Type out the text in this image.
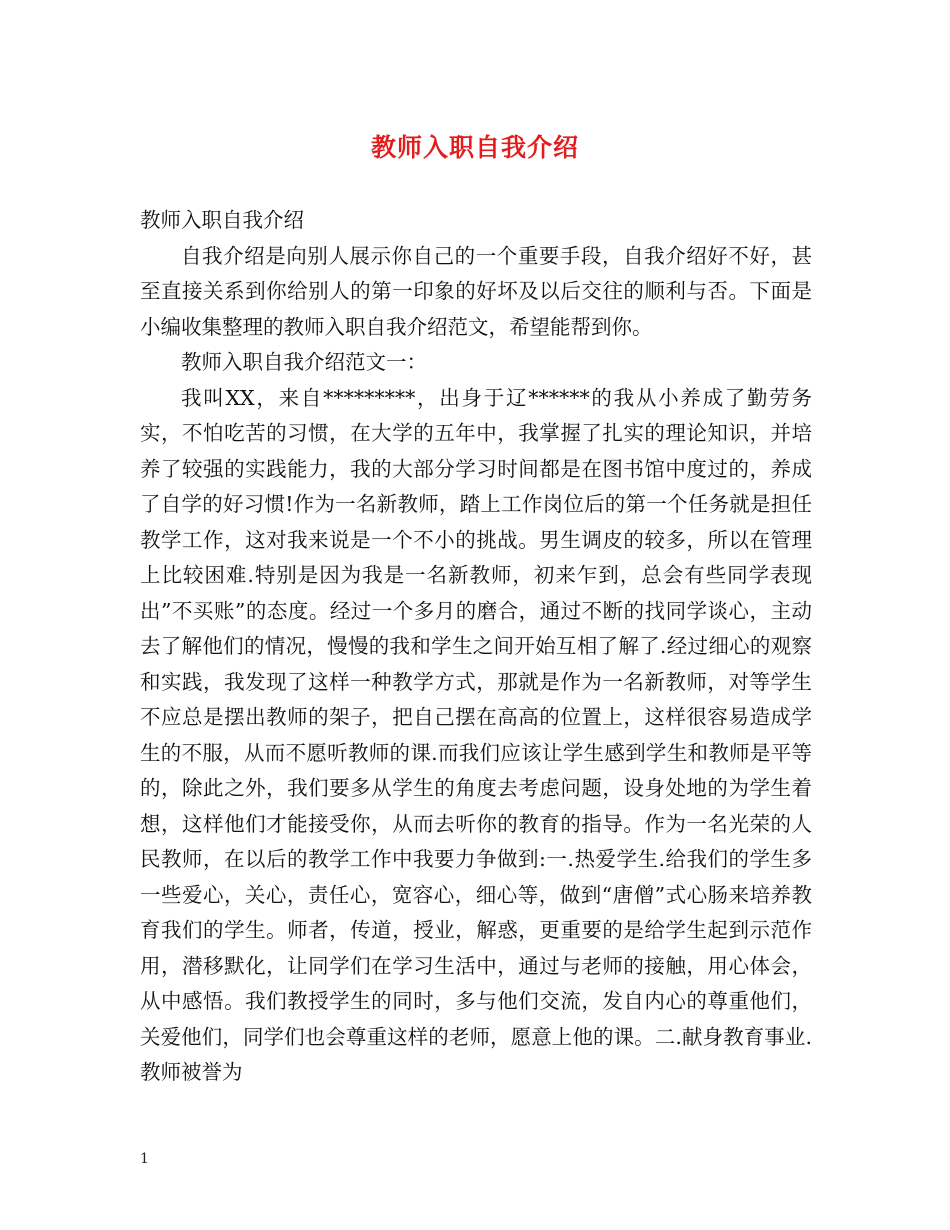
教师入职自我介绍

教师入职自我介绍

自我介绍是向别人展示你自己的一个重要手段，自我介绍好不好，甚至直接关系到你给别人的第一印象的好坏及以后交往的顺利与否。下面是小编收集整理的教师入职自我介绍范文，希望能帮到你。

教师入职自我介绍范文一：

我叫XX，来自*********，出身于辽******的我从小养成了勤劳务实，不怕吃苦的习惯，在大学的五年中，我掌握了扎实的理论知识，并培养了较强的实践能力，我的大部分学习时间都是在图书馆中度过的，养成了自学的好习惯!作为一名新教师，踏上工作岗位后的第一个任务就是担任教学工作，这对我来说是一个不小的挑战。男生调皮的较多，所以在管理上比较困难.特别是因为我是一名新教师，初来乍到，总会有些同学表现出”不买账”的态度。经过一个多月的磨合，通过不断的找同学谈心，主动去了解他们的情况，慢慢的我和学生之间开始互相了解了.经过细心的观察和实践，我发现了这样一种教学方式，那就是作为一名新教师，对等学生不应总是摆出教师的架子，把自己摆在高高的位置上，这样很容易造成学生的不服，从而不愿听教师的课.而我们应该让学生感到学生和教师是平等的，除此之外，我们要多从学生的角度去考虑问题，设身处地的为学生着想，这样他们才能接受你，从而去听你的教育的指导。作为一名光荣的人民教师，在以后的教学工作中我要力争做到:一.热爱学生.给我们的学生多一些爱心，关心，责任心，宽容心，细心等，做到“唐僧”式心肠来培养教育我们的学生。师者，传道，授业，解惑，更重要的是给学生起到示范作用，潜移默化，让同学们在学习生活中，通过与老师的接触，用心体会，从中感悟。我们教授学生的同时，多与他们交流，发自内心的尊重他们，关爱他们，同学们也会尊重这样的老师，愿意上他的课。二.献身教育事业.教师被誉为

1
